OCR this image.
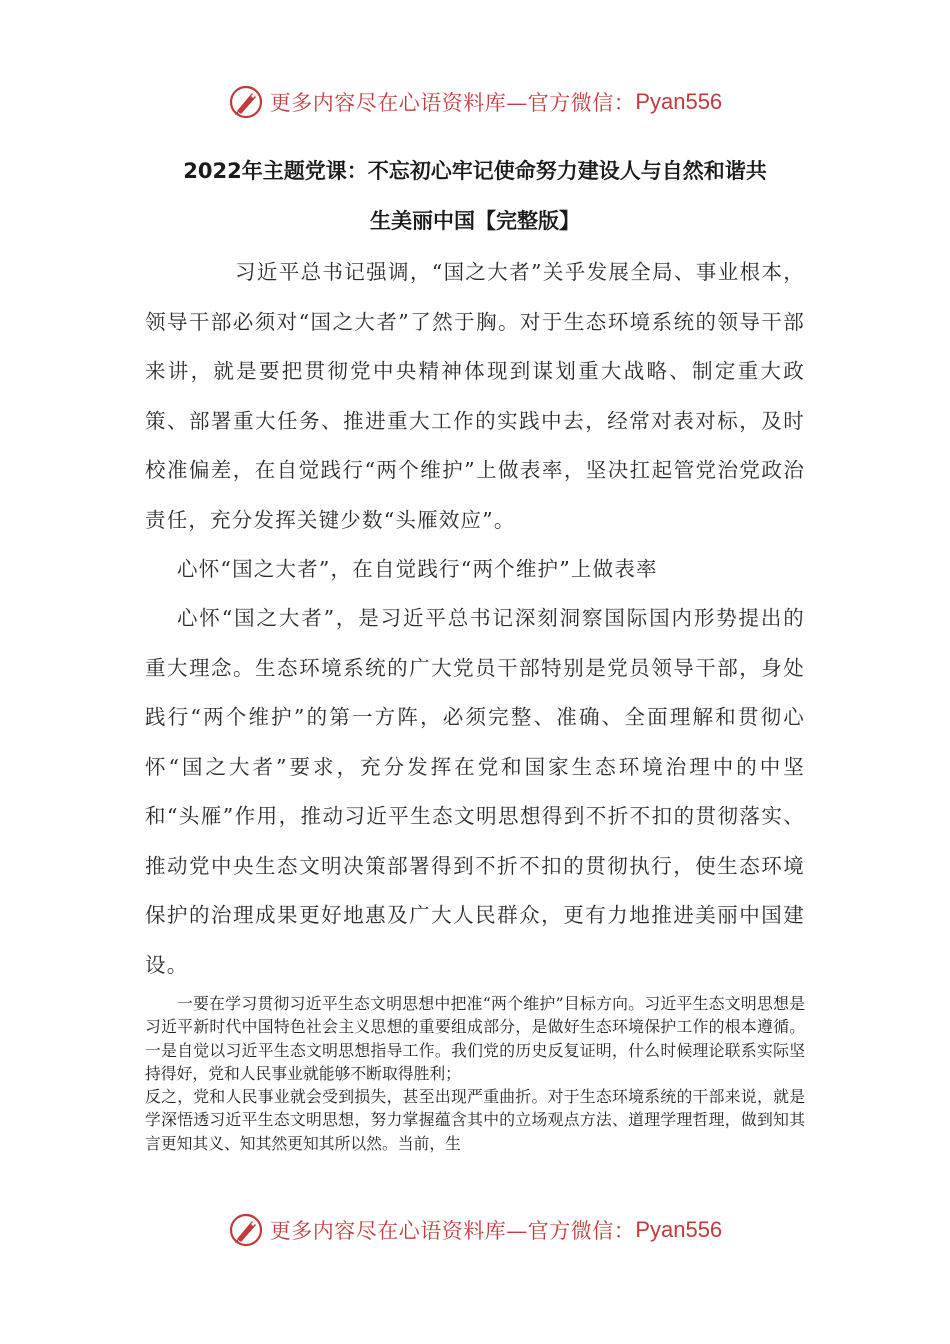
更多内容尽在心语资料库—官方微信： Pyan556
2022年主题党课：不忘初心牢记使命努力建设人与自然和谐共
生美丽中国【完整版】

习近平总书记强调，“国之大者”关乎发展全局、事业根本，领导干部必须对“国之大者”了然于胸。对于生态环境系统的领导干部来讲，就是要把贯彻党中央精神体现到谋划重大战略、制定重大政策、部署重大任务、推进重大工作的实践中去，经常对表对标，及时校准偏差，在自觉践行“两个维护”上做表率，坚决扛起管党治党政治责任，充分发挥关键少数“头雁效应”。

心怀“国之大者”，在自觉践行“两个维护”上做表率

心怀“国之大者”，是习近平总书记深刻洞察国际国内形势提出的重大理念。生态环境系统的广大党员干部特别是党员领导干部，身处践行“两个维护”的第一方阵，必须完整、准确、全面理解和贯彻心怀“国之大者”要求，充分发挥在党和国家生态环境治理中的中坚和“头雁”作用，推动习近平生态文明思想得到不折不扣的贯彻落实、推动党中央生态文明决策部署得到不折不扣的贯彻执行，使生态环境保护的治理成果更好地惠及广大人民群众，更有力地推进美丽中国建设。

一要在学习贯彻习近平生态文明思想中把准“两个维护”目标方向。习近平生态文明思想是习近平新时代中国特色社会主义思想的重要组成部分，是做好生态环境保护工作的根本遵循。一是自觉以习近平生态文明思想指导工作。我们党的历史反复证明，什么时候理论联系实际坚持得好，党和人民事业就能够不断取得胜利；

反之，党和人民事业就会受到损失，甚至出现严重曲折。对于生态环境系统的干部来说，就是学深悟透习近平生态文明思想，努力掌握蕴含其中的立场观点方法、道理学理哲理，做到知其言更知其义、知其然更知其所以然。当前，生

更多内容尽在心语资料库—官方微信： Pyan556
